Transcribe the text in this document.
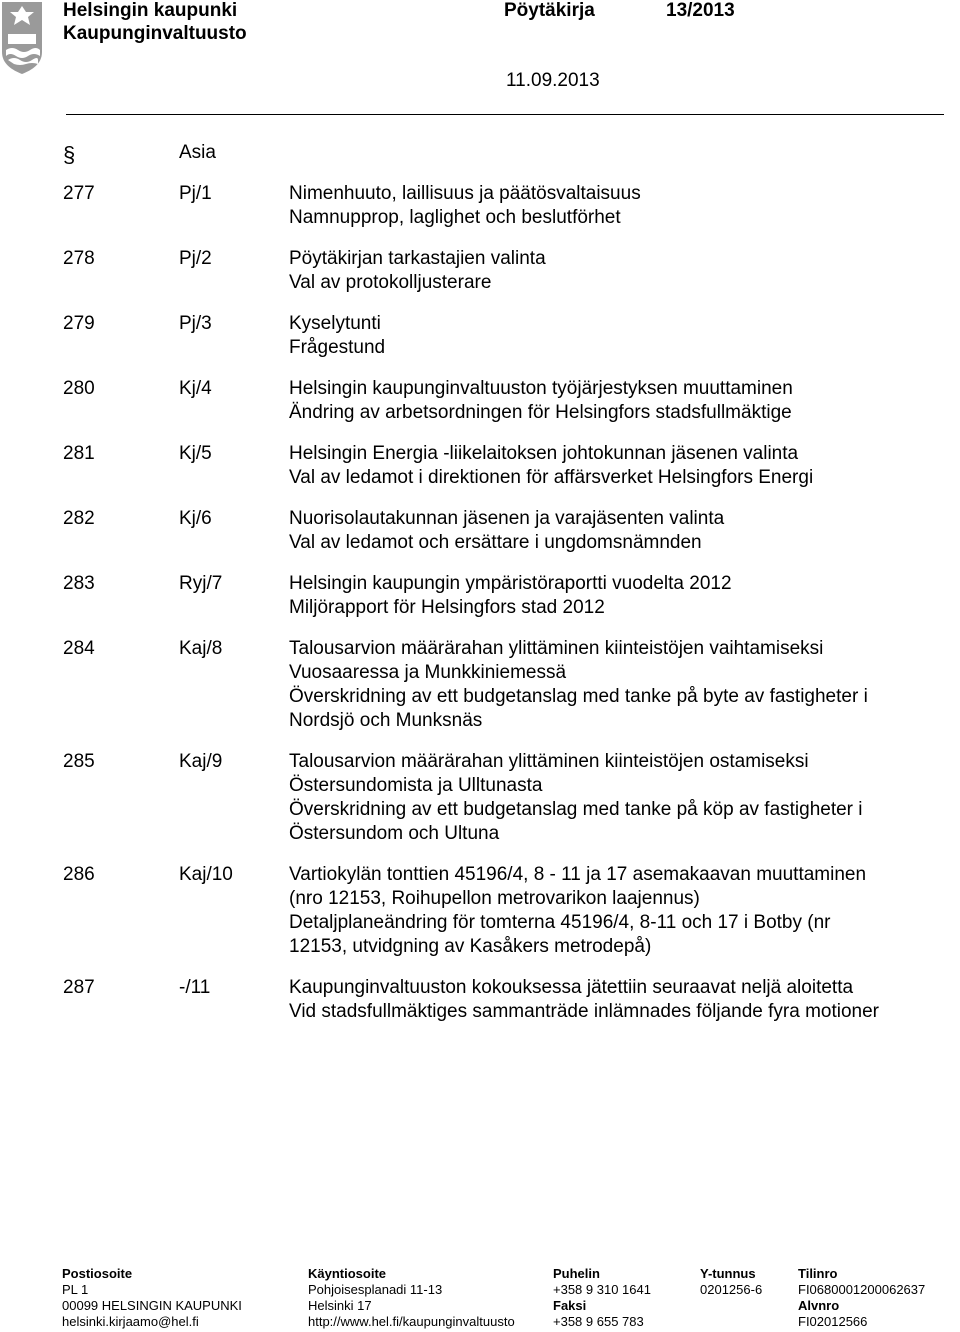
Helsingin kaupunki
Kaupunginvaltuusto
Pöytäkirja	13/2013
11.09.2013
§	Asia
277	Pj/1	Nimenhuuto, laillisuus ja päätösvaltaisuus
Namnupprop, laglighet och beslutförhet
278	Pj/2	Pöytäkirjan tarkastajien valinta
Val av protokolljusterare
279	Pj/3	Kyselytunti
Frågestund
280	Kj/4	Helsingin kaupunginvaltuuston työjärjestyksen muuttaminen
Ändring av arbetsordningen för Helsingfors stadsfullmäktige
281	Kj/5	Helsingin Energia -liikelaitoksen johtokunnan jäsenen valinta
Val av ledamot i direktionen för affärsverket Helsingfors Energi
282	Kj/6	Nuorisolautakunnan jäsenen ja varajäsenten valinta
Val av ledamot och ersättare i ungdomsnämnden
283	Ryj/7	Helsingin kaupungin ympäristöraportti vuodelta 2012
Miljörapport för Helsingfors stad 2012
284	Kaj/8	Talousarvion määrärahan ylittäminen kiinteistöjen vaihtamiseksi
Vuosaaressa ja Munkkiniemessä
Överskridning av ett budgetanslag med tanke på byte av fastigheter i
Nordsjö och Munksnäs
285	Kaj/9	Talousarvion määrärahan ylittäminen kiinteistöjen ostamiseksi
Östersundomista ja Ulltunasta
Överskridning av ett budgetanslag med tanke på köp av fastigheter i
Östersundom och Ultuna
286	Kaj/10	Vartiokylän tonttien 45196/4, 8 - 11 ja 17 asemakaavan muuttaminen
(nro 12153, Roihupellon metrovarikon laajennus)
Detaljplaneändring för tomterna 45196/4, 8-11 och 17 i Botby (nr
12153, utvidgning av Kasåkers metrodepå)
287	-/11	Kaupunginvaltuuston kokouksessa jätettiin seuraavat neljä aloitetta
Vid stadsfullmäktiges sammanträde inlämnades följande fyra motioner
Postiosoite
PL 1
00099 HELSINGIN KAUPUNKI
helsinki.kirjaamo@hel.fi
Käyntiosoite
Pohjoisesplanadi 11-13
Helsinki 17
http://www.hel.fi/kaupunginvaltuusto
Puhelin
+358 9 310 1641
Faksi
+358 9 655 783
Y-tunnus
0201256-6
Tilinro
FI0680001200062637
Alvnro
FI02012566
